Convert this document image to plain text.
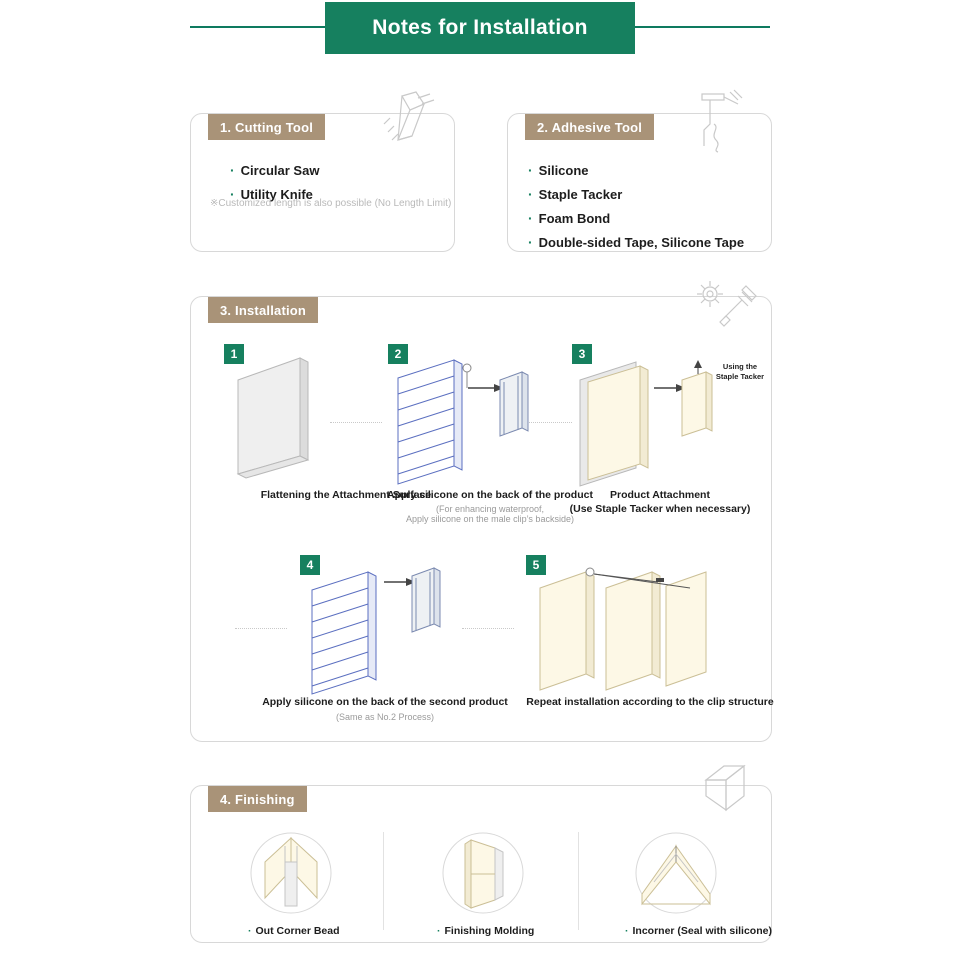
Notes for Installation
1. Cutting Tool
· Circular Saw
· Utility Knife
※Customized length is also possible (No Length Limit)
2. Adhesive Tool
· Silicone
· Staple Tacker
· Foam Bond
· Double-sided Tape, Silicone Tape
3. Installation
1
Flattening the Attachment Surface
2
Apply silicone on the back of the product
(For enhancing waterproof,
Apply silicone on the male clip’s backside)
3
Using the
Staple Tacker
Product Attachment
(Use Staple Tacker when necessary)
4
Apply silicone on the back of the second product
(Same as No.2 Process)
5
Repeat installation according to the clip structure
4. Finishing
· Out Corner Bead	· Finishing Molding	· Incorner (Seal with silicone)
